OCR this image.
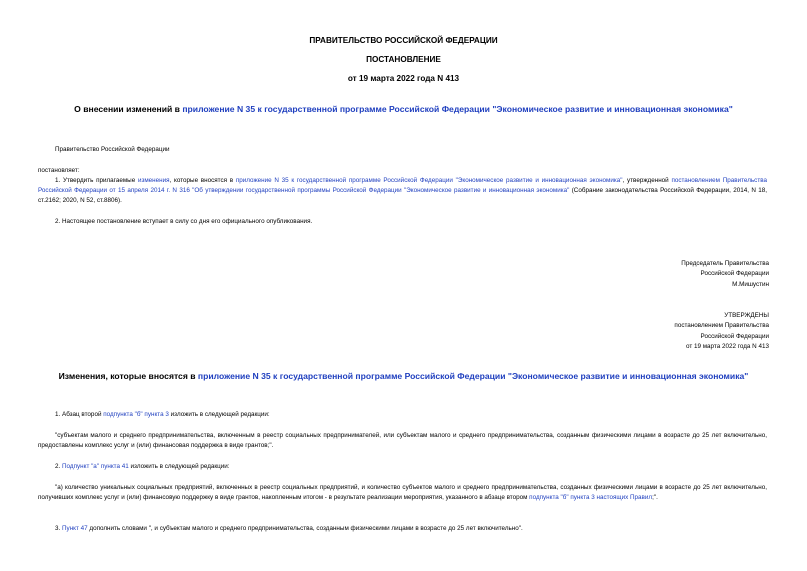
ПРАВИТЕЛЬСТВО РОССИЙСКОЙ ФЕДЕРАЦИИ
ПОСТАНОВЛЕНИЕ
от 19 марта 2022 года N 413
О внесении изменений в приложение N 35 к государственной программе Российской Федерации "Экономическое развитие и инновационная экономика"
Правительство Российской Федерации
постановляет:
1. Утвердить прилагаемые изменения, которые вносятся в приложение N 35 к государственной программе Российской Федерации "Экономическое развитие и инновационная экономика", утвержденной постановлением Правительства Российской Федерации от 15 апреля 2014 г. N 316 "Об утверждении государственной программы Российской Федерации "Экономическое развитие и инновационная экономика" (Собрание законодательства Российской Федерации, 2014, N 18, ст.2162; 2020, N 52, ст.8806).
2. Настоящее постановление вступает в силу со дня его официального опубликования.
Председатель Правительства
Российской Федерации
М.Мишустин
УТВЕРЖДЕНЫ
постановлением Правительства
Российской Федерации
от 19 марта 2022 года N 413
Изменения, которые вносятся в приложение N 35 к государственной программе Российской Федерации "Экономическое развитие и инновационная экономика"
1. Абзац второй подпункта "б" пункта 3 изложить в следующей редакции:
"субъектам малого и среднего предпринимательства, включенным в реестр социальных предпринимателей, или субъектам малого и среднего предпринимательства, созданным физическими лицами в возрасте до 25 лет включительно, предоставлены комплекс услуг и (или) финансовая поддержка в виде грантов;".
2. Подпункт "а" пункта 41 изложить в следующей редакции:
"а) количество уникальных социальных предприятий, включенных в реестр социальных предприятий, и количество субъектов малого и среднего предпринимательства, созданных физическими лицами в возрасте до 25 лет включительно, получивших комплекс услуг и (или) финансовую поддержку в виде грантов, накопленным итогом - в результате реализации мероприятия, указанного в абзаце втором подпункта "б" пункта 3 настоящих Правил;".
3. Пункт 47 дополнить словами ", и субъектам малого и среднего предпринимательства, созданным физическими лицами в возрасте до 25 лет включительно".
